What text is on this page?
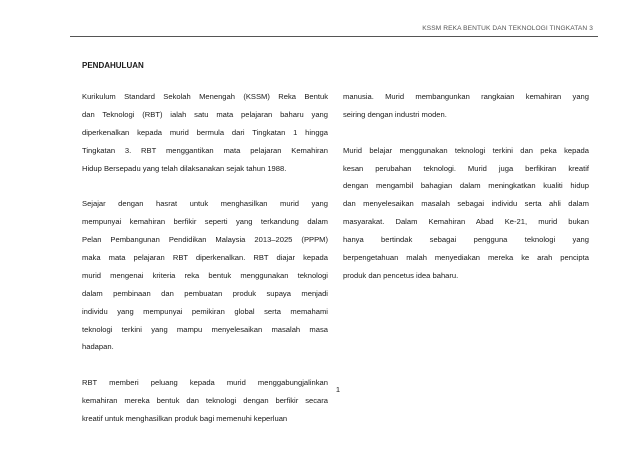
KSSM REKA BENTUK DAN TEKNOLOGI TINGKATAN 3
PENDAHULUAN
Kurikulum Standard Sekolah Menengah (KSSM) Reka Bentuk
dan Teknologi (RBT) ialah satu mata pelajaran baharu yang
diperkenalkan kepada murid bermula dari Tingkatan 1 hingga
Tingkatan 3. RBT menggantikan mata pelajaran Kemahiran
Hidup Bersepadu yang telah dilaksanakan sejak tahun 1988.
Sejajar dengan hasrat untuk menghasilkan murid yang
mempunyai kemahiran berfikir seperti yang terkandung dalam
Pelan Pembangunan Pendidikan Malaysia 2013–2025 (PPPM)
maka mata pelajaran RBT diperkenalkan. RBT diajar kepada
murid mengenai kriteria reka bentuk menggunakan teknologi
dalam pembinaan dan pembuatan produk supaya menjadi
individu yang mempunyai pemikiran global serta memahami
teknologi terkini yang mampu menyelesaikan masalah masa
hadapan.
RBT memberi peluang kepada murid menggabungjalinkan
kemahiran mereka bentuk dan teknologi dengan berfikir secara
kreatif untuk menghasilkan produk bagi memenuhi keperluan
manusia. Murid membangunkan rangkaian kemahiran yang
seiring dengan industri moden.
Murid belajar menggunakan teknologi terkini dan peka kepada
kesan perubahan teknologi. Murid juga berfikiran kreatif
dengan mengambil bahagian dalam meningkatkan kualiti hidup
dan menyelesaikan masalah sebagai individu serta ahli dalam
masyarakat. Dalam Kemahiran Abad Ke-21, murid bukan
hanya bertindak sebagai pengguna teknologi yang
berpengetahuan malah menyediakan mereka ke arah pencipta
produk dan pencetus idea baharu.
1
